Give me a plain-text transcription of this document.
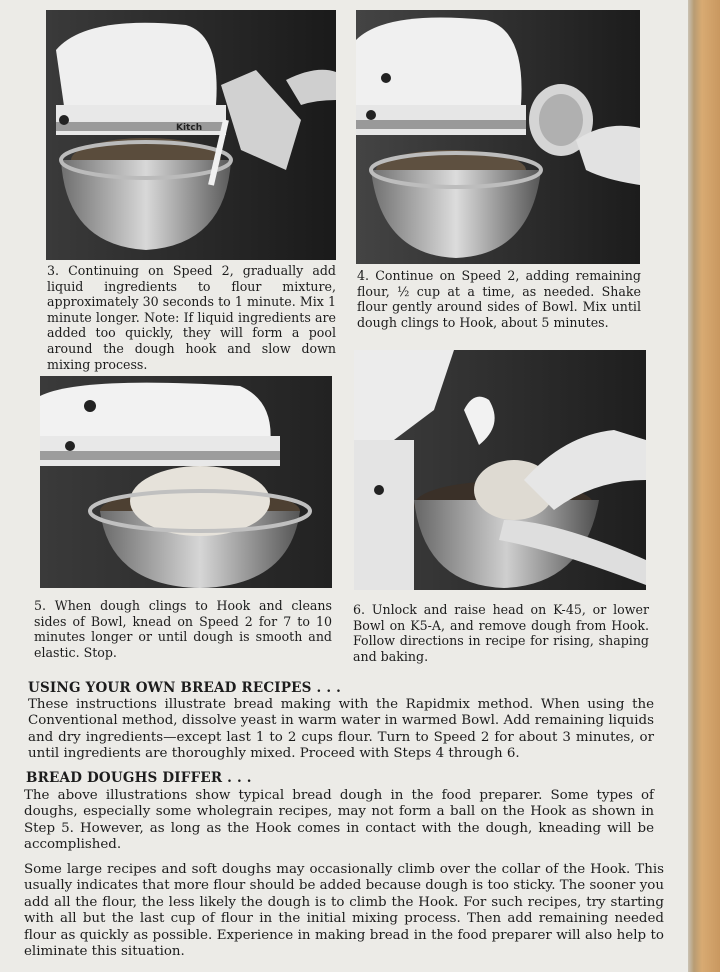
Kitch

3. Continuing on Speed 2, gradually add liquid ingredients to flour mixture, approximately 30 seconds to 1 minute. Mix 1 minute longer. Note: If liquid ingredients are added too quickly, they will form a pool around the dough hook and slow down mixing process.

4. Continue on Speed 2, adding remaining flour, ½ cup at a time, as needed. Shake flour gently around sides of Bowl. Mix until dough clings to Hook, about 5 minutes.

5. When dough clings to Hook and cleans sides of Bowl, knead on Speed 2 for 7 to 10 minutes longer or until dough is smooth and elastic. Stop.

6. Unlock and raise head on K-45, or lower Bowl on K5-A, and remove dough from Hook. Follow directions in recipe for rising, shaping and baking.

USING YOUR OWN BREAD RECIPES . . .

These instructions illustrate bread making with the Rapidmix method. When using the Conventional method, dissolve yeast in warm water in warmed Bowl. Add remaining liquids and dry ingredients—except last 1 to 2 cups flour. Turn to Speed 2 for about 3 minutes, or until ingredients are thoroughly mixed. Proceed with Steps 4 through 6.

BREAD DOUGHS DIFFER . . .

The above illustrations show typical bread dough in the food preparer. Some types of doughs, especially some wholegrain recipes, may not form a ball on the Hook as shown in Step 5. However, as long as the Hook comes in contact with the dough, kneading will be accomplished.

Some large recipes and soft doughs may occasionally climb over the collar of the Hook. This usually indicates that more flour should be added because dough is too sticky. The sooner you add all the flour, the less likely the dough is to climb the Hook. For such recipes, try starting with all but the last cup of flour in the initial mixing process. Then add remaining needed flour as quickly as possible. Experience in making bread in the food preparer will also help to eliminate this situation.
